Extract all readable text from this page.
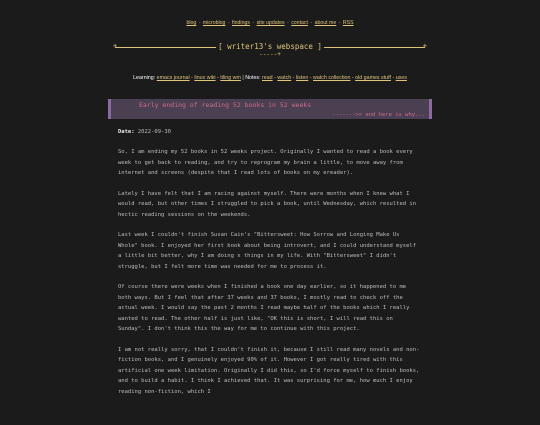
blog - microblog - findings - site updates - contact - about me - RSS
+	+
[ writer13's webspace ]
-----+
Learning: emacs journal - linux wiki - tiling wm | Notes: read - watch - listen - watch collection - old games stuff - uses
Early ending of reading 52 books in 52 weeks
------->> and here is why...

Date: 2022-09-30

So, I am ending my 52 books in 52 weeks project. Originally I wanted to read a book every week to get back to reading, and try to reprogram my brain a little, to move away from internet and screens (despite that I read lots of books on my ereader).

Lately I have felt that I am racing against myself. There were months when I knew what I would read, but other times I struggled to pick a book, until Wednesday, which resulted in hectic reading sessions on the weekends.

Last week I couldn't finish Susan Cain's "Bittersweet: How Sorrow and Longing Make Us Whole" book. I enjoyed her first book about being introvert, and I could understand myself a little bit better, why I am doing x things in my life. With "Bittersweet" I didn't struggle, but I felt more time was needed for me to process it.

Of course there were weeks when I finished a book one day earlier, so it happened to me both ways. But I feel that after 37 weeks and 37 books, I mostly read to check off the actual week. I would say the past 2 months I read maybe half of the books which I really wanted to read. The other half is just like, "OK this is short, I will read this on Sunday". I don't think this the way for me to continue with this project.

I am not really sorry, that I couldn't finish it, because I still read many novels and non-fiction books, and I genuinely enjoyed 90% of it. However I got really tired with this artificial one week limitation. Originally I did this, so I'd force myself to finish books, and to build a habit. I think I achieved that. It was surprising for me, how much I enjoy reading non-fiction, which I
